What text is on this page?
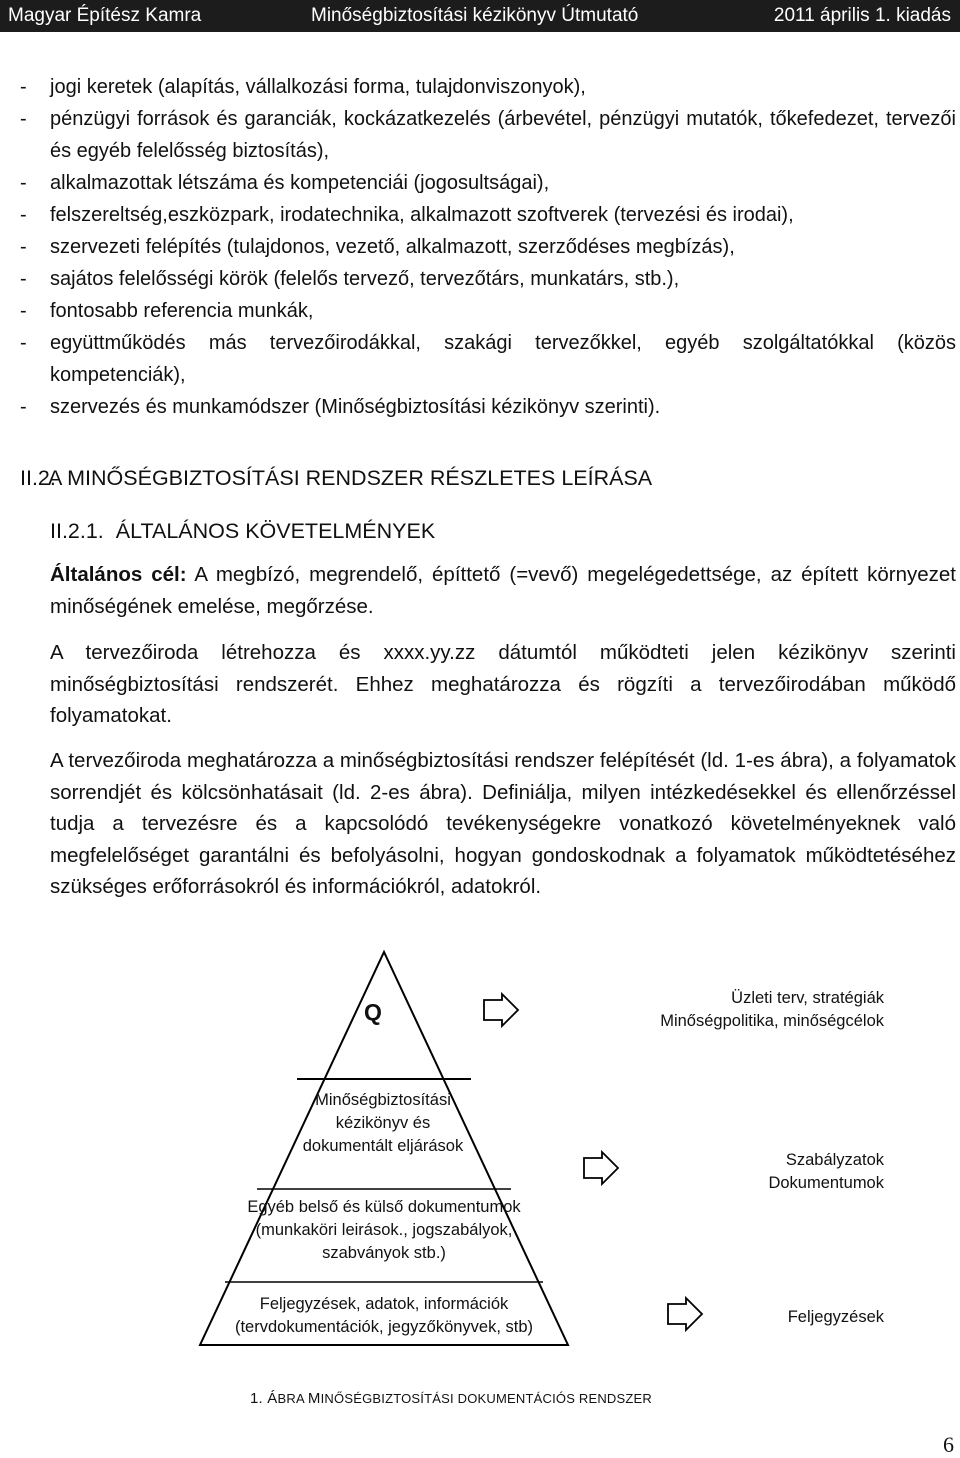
Magyar Építész Kamra	Minőségbiztosítási kézikönyv Útmutató	2011 április 1. kiadás
- jogi keretek (alapítás, vállalkozási forma, tulajdonviszonyok),
- pénzügyi források és garanciák, kockázatkezelés (árbevétel, pénzügyi mutatók, tőkefedezet, tervezői és egyéb felelősség biztosítás),
- alkalmazottak létszáma és kompetenciái (jogosultságai),
- felszereltség,eszközpark, irodatechnika, alkalmazott szoftverek (tervezési és irodai),
- szervezeti felépítés (tulajdonos, vezető, alkalmazott, szerződéses megbízás),
- sajátos felelősségi körök (felelős tervező, tervezőtárs, munkatárs, stb.),
- fontosabb referencia munkák,
- együttműködés más tervezőirodákkal, szakági tervezőkkel, egyéb szolgáltatókkal (közös kompetenciák),
- szervezés és munkamódszer (Minőségbiztosítási kézikönyv szerinti).
II.2.A MINŐSÉGBIZTOSÍTÁSI RENDSZER RÉSZLETES LEÍRÁSA
II.2.1. ÁLTALÁNOS KÖVETELMÉNYEK

Általános cél: A megbízó, megrendelő, építtető (=vevő) megelégedettsége, az épített környezet minőségének emelése, megőrzése.

A tervezőiroda létrehozza és xxxx.yy.zz dátumtól működteti jelen kézikönyv szerinti minőségbiztosítási rendszerét. Ehhez meghatározza és rögzíti a tervezőirodában működő folyamatokat.

A tervezőiroda meghatározza a minőségbiztosítási rendszer felépítését (ld. 1-es ábra), a folyamatok sorrendjét és kölcsönhatásait (ld. 2-es ábra). Definiálja, milyen intézkedésekkel és ellenőrzéssel tudja a tervezésre és a kapcsolódó tevékenységekre vonatkozó követelményeknek való megfelelőséget garantálni és befolyásolni, hogyan gondoskodnak a folyamatok működtetéséhez szükséges erőforrásokról és információkról, adatokról.

Q
Minőségbiztosítási
kézikönyv és
dokumentált eljárások
Egyéb belső és külső dokumentumok
(munkaköri leirások., jogszabályok,
szabványok stb.)
Feljegyzések, adatok, információk
(tervdokumentációk, jegyzőkönyvek, stb)
Üzleti terv, stratégiák
Minőségpolitika, minőségcélok
Szabályzatok
Dokumentumok
Feljegyzések
1. ÁBRA MINŐSÉGBIZTOSÍTÁSI DOKUMENTÁCIÓS RENDSZER
6
